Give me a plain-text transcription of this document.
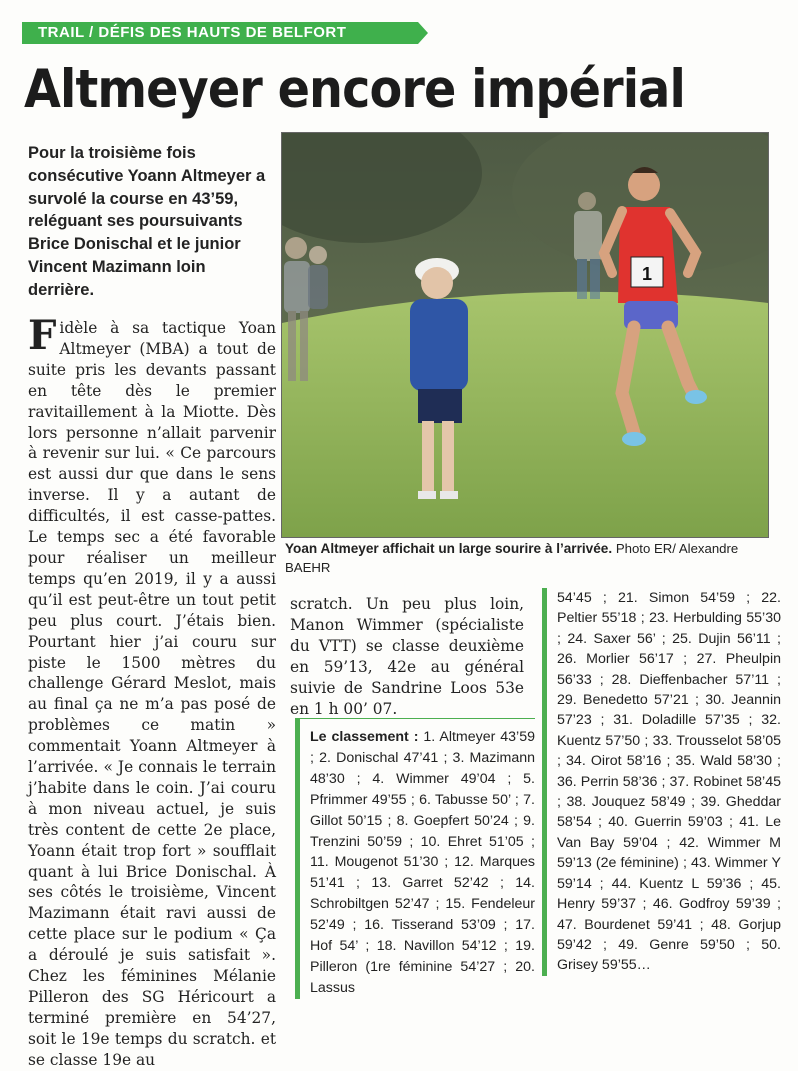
TRAIL / DÉFIS DES HAUTS DE BELFORT
Altmeyer encore impérial
Pour la troisième fois consécutive Yoann Altmeyer a survolé la course en 43’59, reléguant ses poursuivants Brice Donischal et le junior Vincent Mazimann loin derrière.
Fidèle à sa tactique Yoan Altmeyer (MBA) a tout de suite pris les devants passant en tête dès le premier ravitaillement à la Miotte. Dès lors personne n’allait parvenir à revenir sur lui. « Ce parcours est aussi dur que dans le sens inverse. Il y a autant de difficultés, il est casse-pattes. Le temps sec a été favorable pour réaliser un meilleur temps qu’en 2019, il y a aussi qu’il est peut-être un tout petit peu plus court. J’étais bien. Pourtant hier j’ai couru sur piste le 1500 mètres du challenge Gérard Meslot, mais au final ça ne m’a pas posé de problèmes ce matin » commentait Yoann Altmeyer à l’arrivée. « Je connais le terrain j’habite dans le coin. J’ai couru à mon niveau actuel, je suis très content de cette 2e place, Yoann était trop fort » soufflait quant à lui Brice Donischal. À ses côtés le troisième, Vincent Mazimann était ravi aussi de cette place sur le podium « Ça a déroulé je suis satisfait ». Chez les féminines Mélanie Pilleron des SG Héricourt a terminé première en 54’27, soit le 19e temps du scratch. et se classe 19e au
scratch. Un peu plus loin, Manon Wimmer (spécialiste du VTT) se classe deuxième en 59’13, 42e au général suivie de Sandrine Loos 53e en 1 h 00’ 07.
1
Yoan Altmeyer affichait un large sourire à l’arrivée. Photo ER/ Alexandre BAEHR
Le classement : 1. Altmeyer 43’59 ; 2. Donischal 47’41 ; 3. Mazimann 48’30 ; 4. Wimmer 49’04 ; 5. Pfrimmer 49’55 ; 6. Tabusse 50’ ; 7. Gillot 50’15 ; 8. Goepfert 50’24 ; 9. Trenzini 50’59 ; 10. Ehret 51’05 ; 11. Mougenot 51’30 ; 12. Marques 51’41 ; 13. Garret 52’42 ; 14. Schrobiltgen 52’47 ; 15. Fendeleur 52’49 ; 16. Tisserand 53’09 ; 17. Hof 54’ ; 18. Navillon 54’12 ; 19. Pilleron (1re féminine 54’27 ; 20. Lassus
54’45 ; 21. Simon 54’59 ; 22. Peltier 55’18 ; 23. Herbulding 55’30 ; 24. Saxer 56’ ; 25. Dujin 56’11 ; 26. Morlier 56’17 ; 27. Pheulpin 56’33 ; 28. Dieffenbacher 57’11 ; 29. Benedetto 57’21 ; 30. Jeannin 57’23 ; 31. Doladille 57’35 ; 32. Kuentz 57’50 ; 33. Trousselot 58’05 ; 34. Oirot 58’16 ; 35. Wald 58’30 ; 36. Perrin 58’36 ; 37. Robinet 58’45 ; 38. Jouquez 58’49 ; 39. Gheddar 58’54 ; 40. Guerrin 59’03 ; 41. Le Van Bay 59’04 ; 42. Wimmer M 59’13 (2e féminine) ; 43. Wimmer Y 59’14 ; 44. Kuentz L 59’36 ; 45. Henry 59’37 ; 46. Godfroy 59’39 ; 47. Bourdenet 59’41 ; 48. Gorjup 59’42 ; 49. Genre 59’50 ; 50. Grisey 59’55…
